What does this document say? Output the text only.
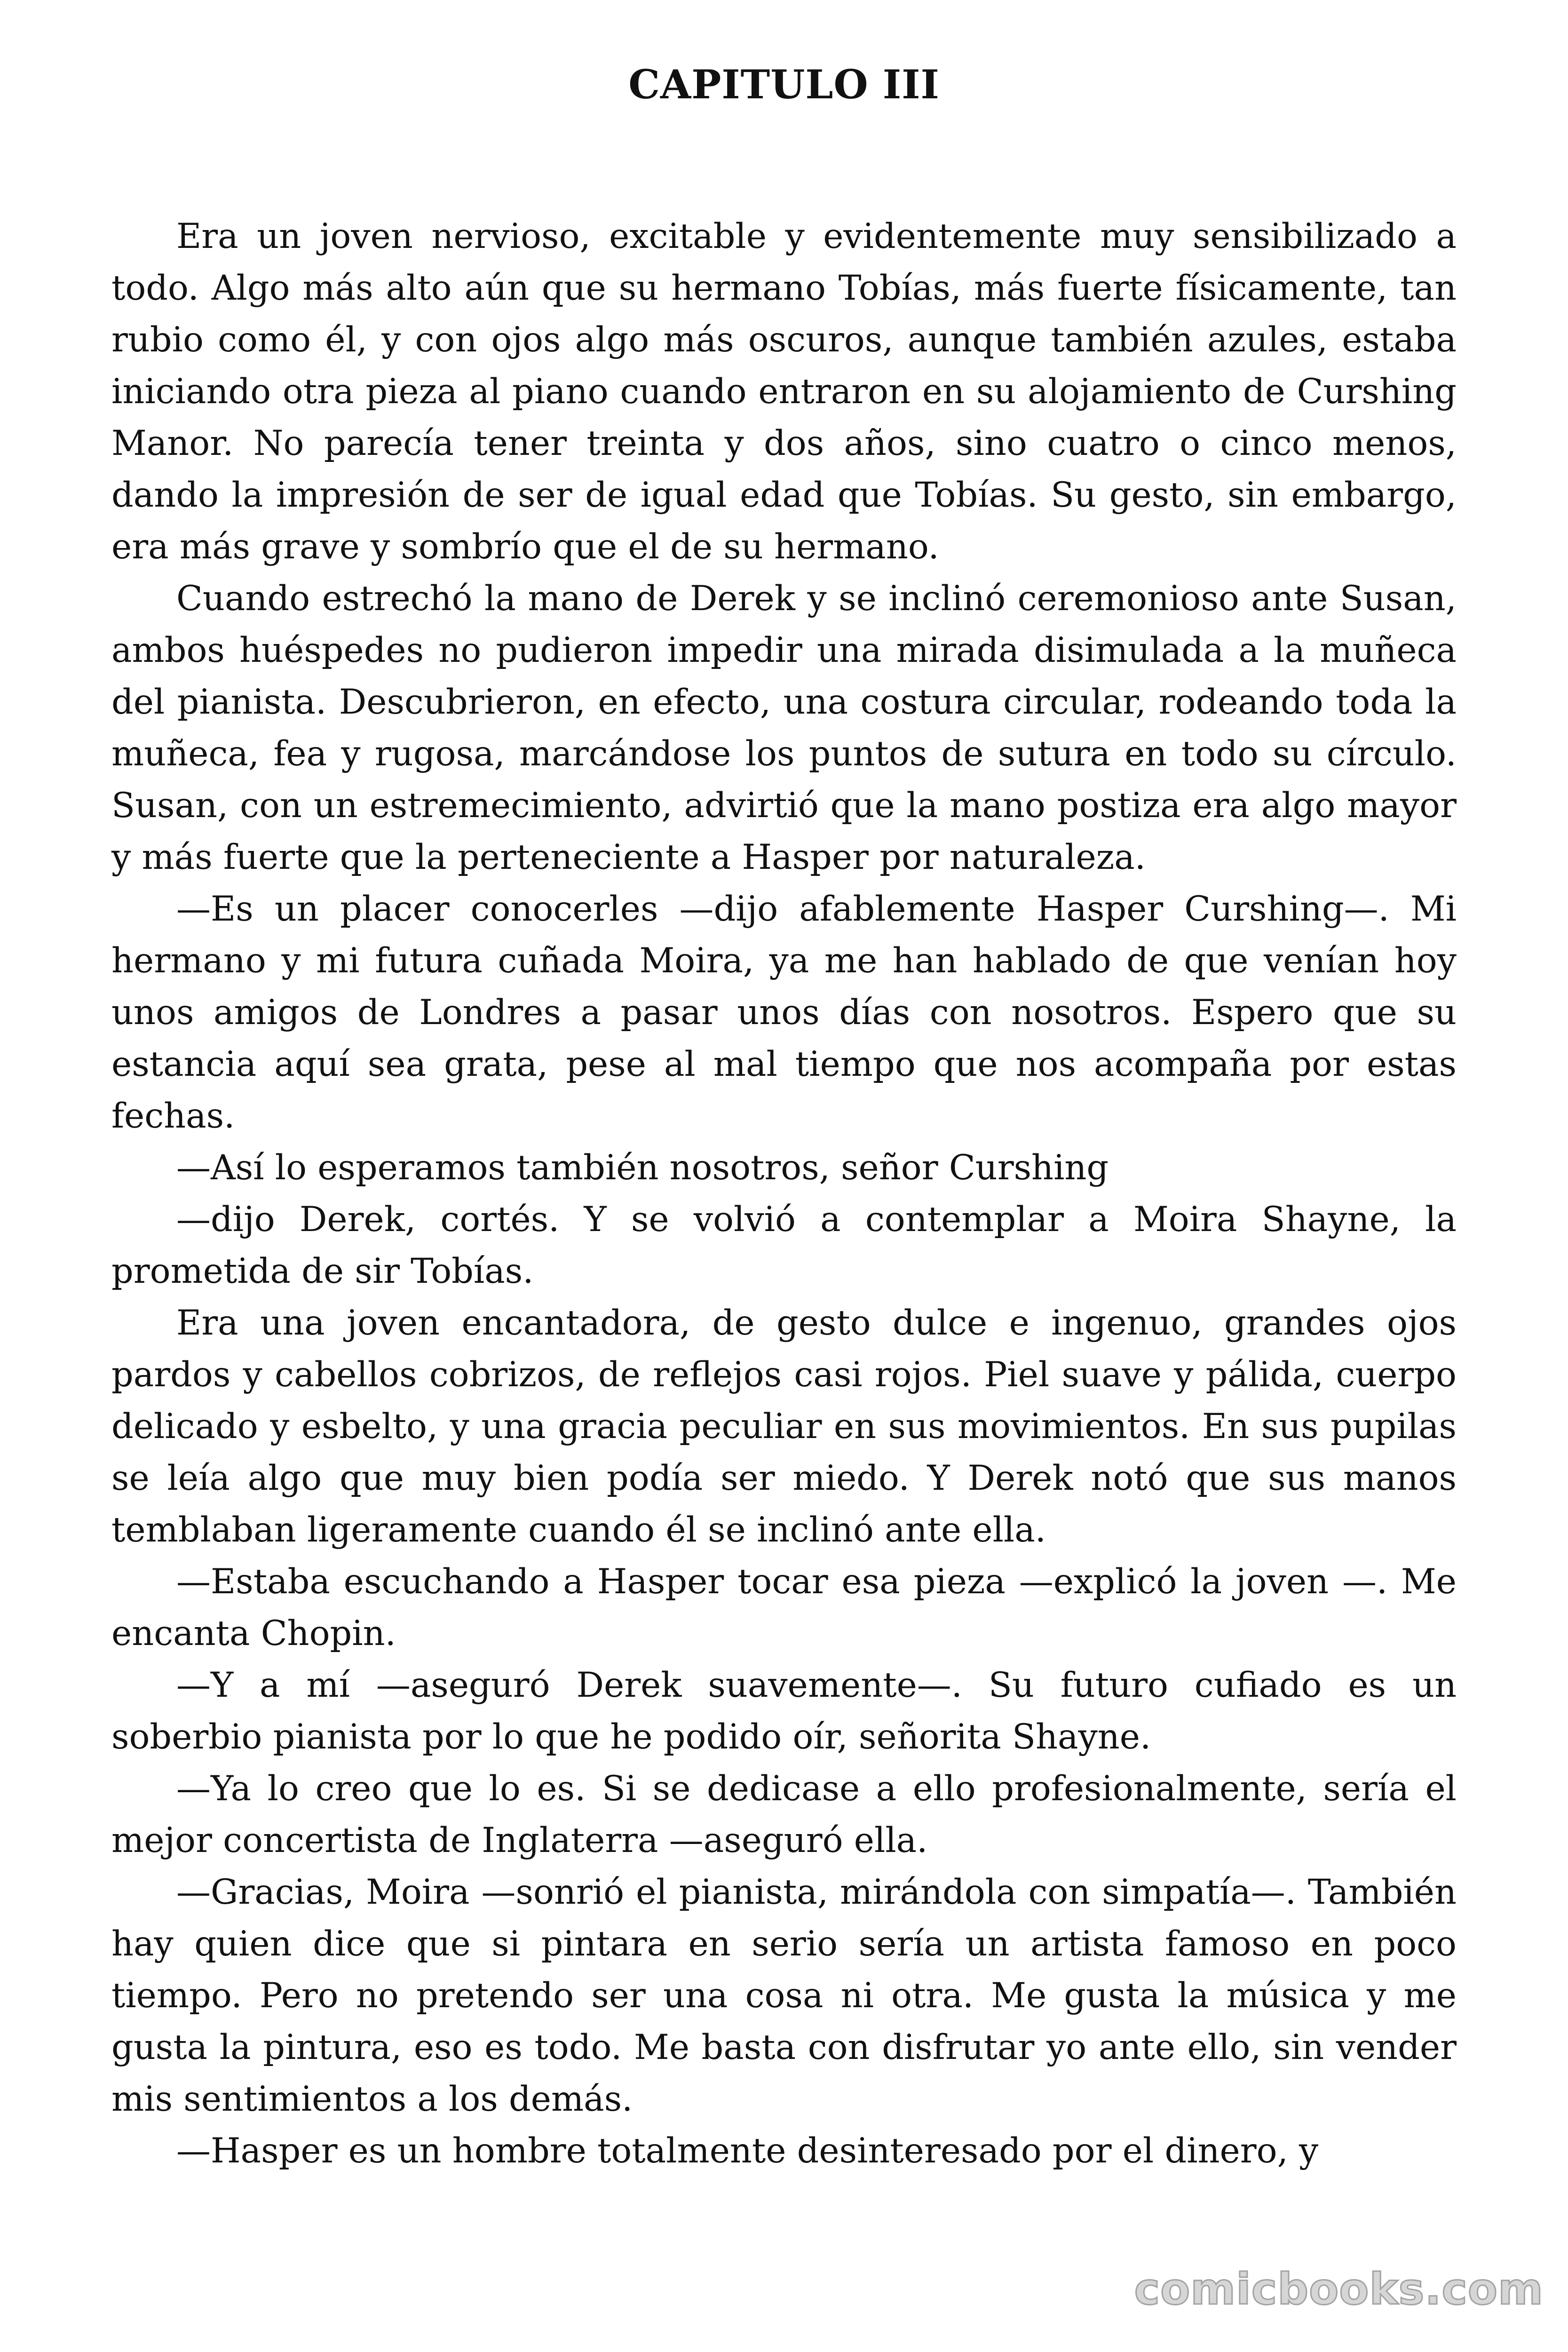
CAPITULO III

Era un joven nervioso, excitable y evidentemente muy sensibilizado a todo. Algo más alto aún que su hermano Tobías, más fuerte físicamente, tan rubio como él, y con ojos algo más oscuros, aunque también azules, estaba iniciando otra pieza al piano cuando entraron en su alojamiento de Curshing Manor. No parecía tener treinta y dos años, sino cuatro o cinco menos, dando la impresión de ser de igual edad que Tobías. Su gesto, sin embargo, era más grave y sombrío que el de su hermano.

Cuando estrechó la mano de Derek y se inclinó ceremonioso ante Susan, ambos huéspedes no pudieron impedir una mirada disimulada a la muñeca del pianista. Descubrieron, en efecto, una costura circular, rodeando toda la muñeca, fea y rugosa, marcándose los puntos de sutura en todo su círculo. Susan, con un estremecimiento, advirtió que la mano postiza era algo mayor y más fuerte que la perteneciente a Hasper por naturaleza.

—Es un placer conocerles —dijo afablemente Hasper Curshing—. Mi hermano y mi futura cuñada Moira, ya me han hablado de que venían hoy unos amigos de Londres a pasar unos días con nosotros. Espero que su estancia aquí sea grata, pese al mal tiempo que nos acompaña por estas fechas.

—Así lo esperamos también nosotros, señor Curshing

—dijo Derek, cortés. Y se volvió a contemplar a Moira Shayne, la prometida de sir Tobías.

Era una joven encantadora, de gesto dulce e ingenuo, grandes ojos pardos y cabellos cobrizos, de reflejos casi rojos. Piel suave y pálida, cuerpo delicado y esbelto, y una gracia peculiar en sus movimientos. En sus pupilas se leía algo que muy bien podía ser miedo. Y Derek notó que sus manos temblaban ligeramente cuando él se inclinó ante ella.

—Estaba escuchando a Hasper tocar esa pieza —explicó la joven —. Me encanta Chopin.

—Y a mí —aseguró Derek suavemente—. Su futuro cufiado es un soberbio pianista por lo que he podido oír, señorita Shayne.

—Ya lo creo que lo es. Si se dedicase a ello profesionalmente, sería el mejor concertista de Inglaterra —aseguró ella.

—Gracias, Moira —sonrió el pianista, mirándola con simpatía—. También hay quien dice que si pintara en serio sería un artista famoso en poco tiempo. Pero no pretendo ser una cosa ni otra. Me gusta la música y me gusta la pintura, eso es todo. Me basta con disfrutar yo ante ello, sin vender mis sentimientos a los demás.

—Hasper es un hombre totalmente desinteresado por el dinero, y

comicbooks.com
